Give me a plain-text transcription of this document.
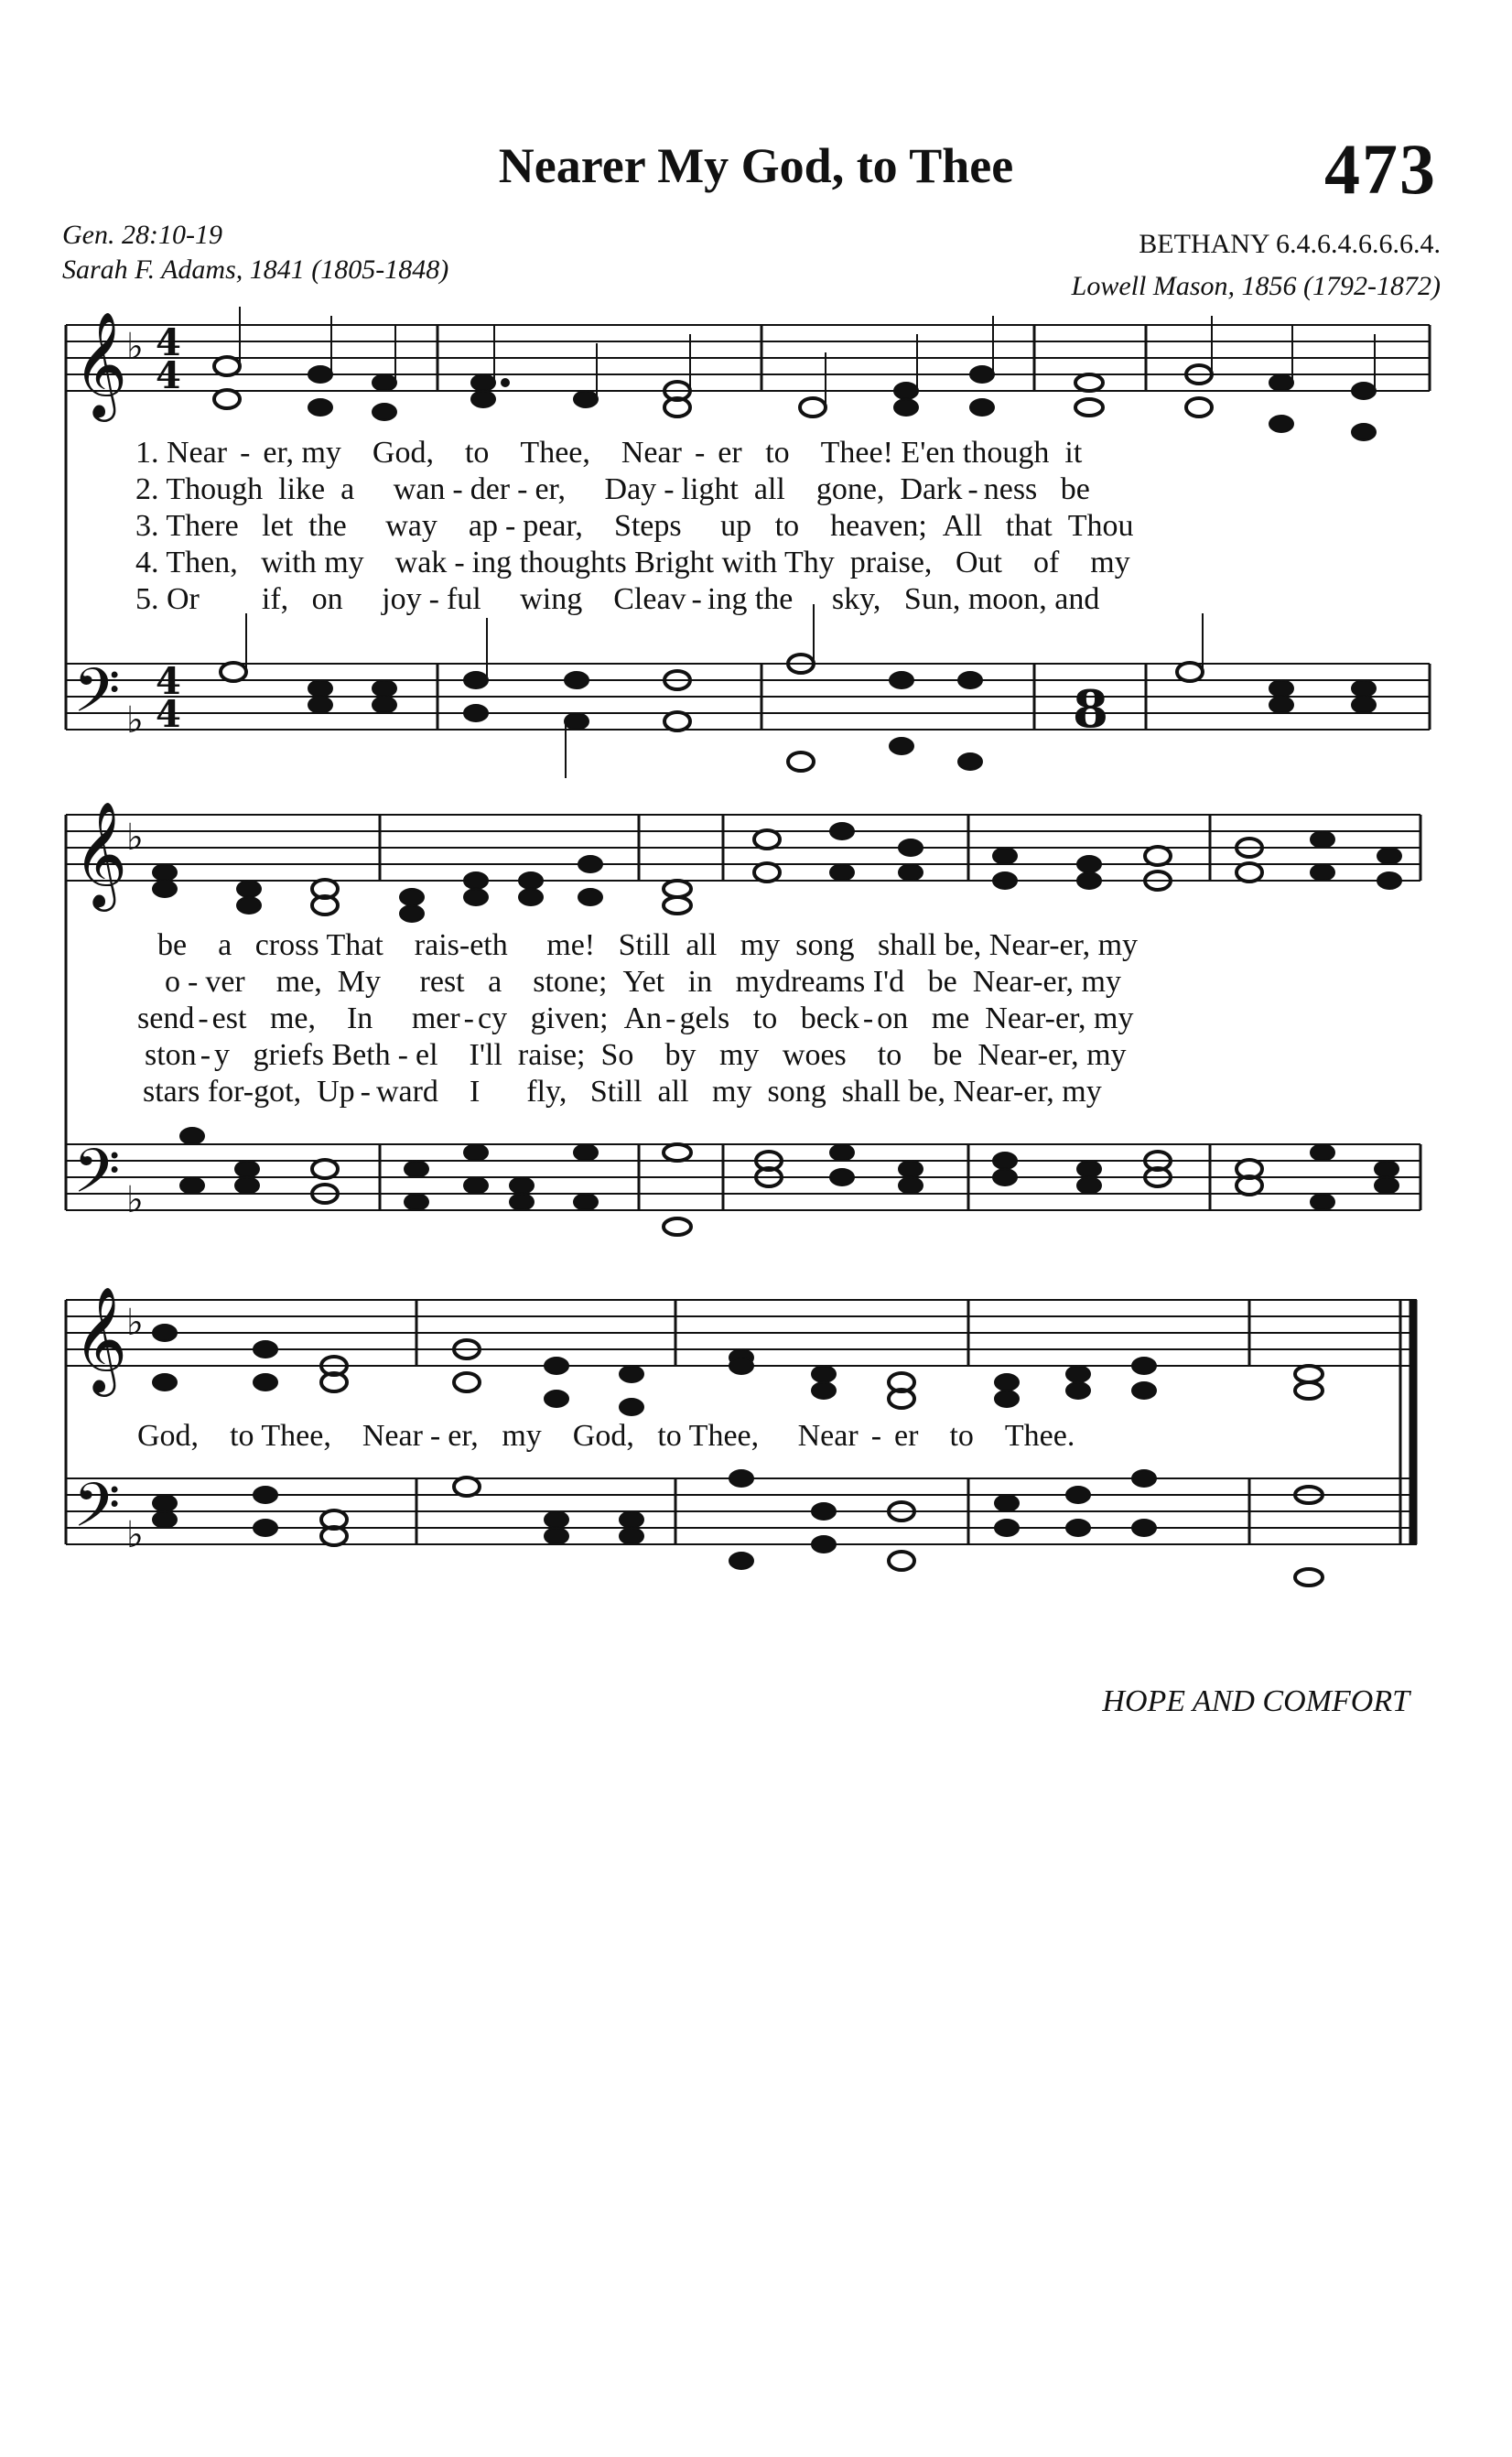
Nearer My God, to Thee	473
Gen. 28:10-19
Sarah F. Adams, 1841 (1805-1848)
BETHANY 6.4.6.4.6.6.6.4.
Lowell Mason, 1856 (1792-1872)
𝄞
𝄢
𝄞
𝄢
𝄞
𝄢
♭
♭
♭
♭
♭
♭
4
4
4
4	8
1. Near - er, my God, to Thee, Near - er to Thee! E'en though it
2. Though like a wan - der - er, Day - light all gone, Dark - ness be
3. There let the way ap - pear, Steps up to heaven; All that Thou
4. Then, with my wak - ing thoughts Bright with Thy praise, Out of my
5. Or if, on joy - ful wing Cleav - ing the sky, Sun, moon, and
be a cross That rais-eth me! Still all my song shall be, Near-er, my
o - ver me, My rest a stone; Yet in mydreams I'd be Near-er, my
send - est me, In mer - cy given; An - gels to beck - on me Near-er, my
ston - y griefs Beth - el I'll raise; So by my woes to be Near-er, my
stars for-got, Up - ward I fly, Still all my song shall be, Near-er, my
God, to Thee, Near - er, my God, to Thee, Near - er to Thee.
HOPE AND COMFORT
